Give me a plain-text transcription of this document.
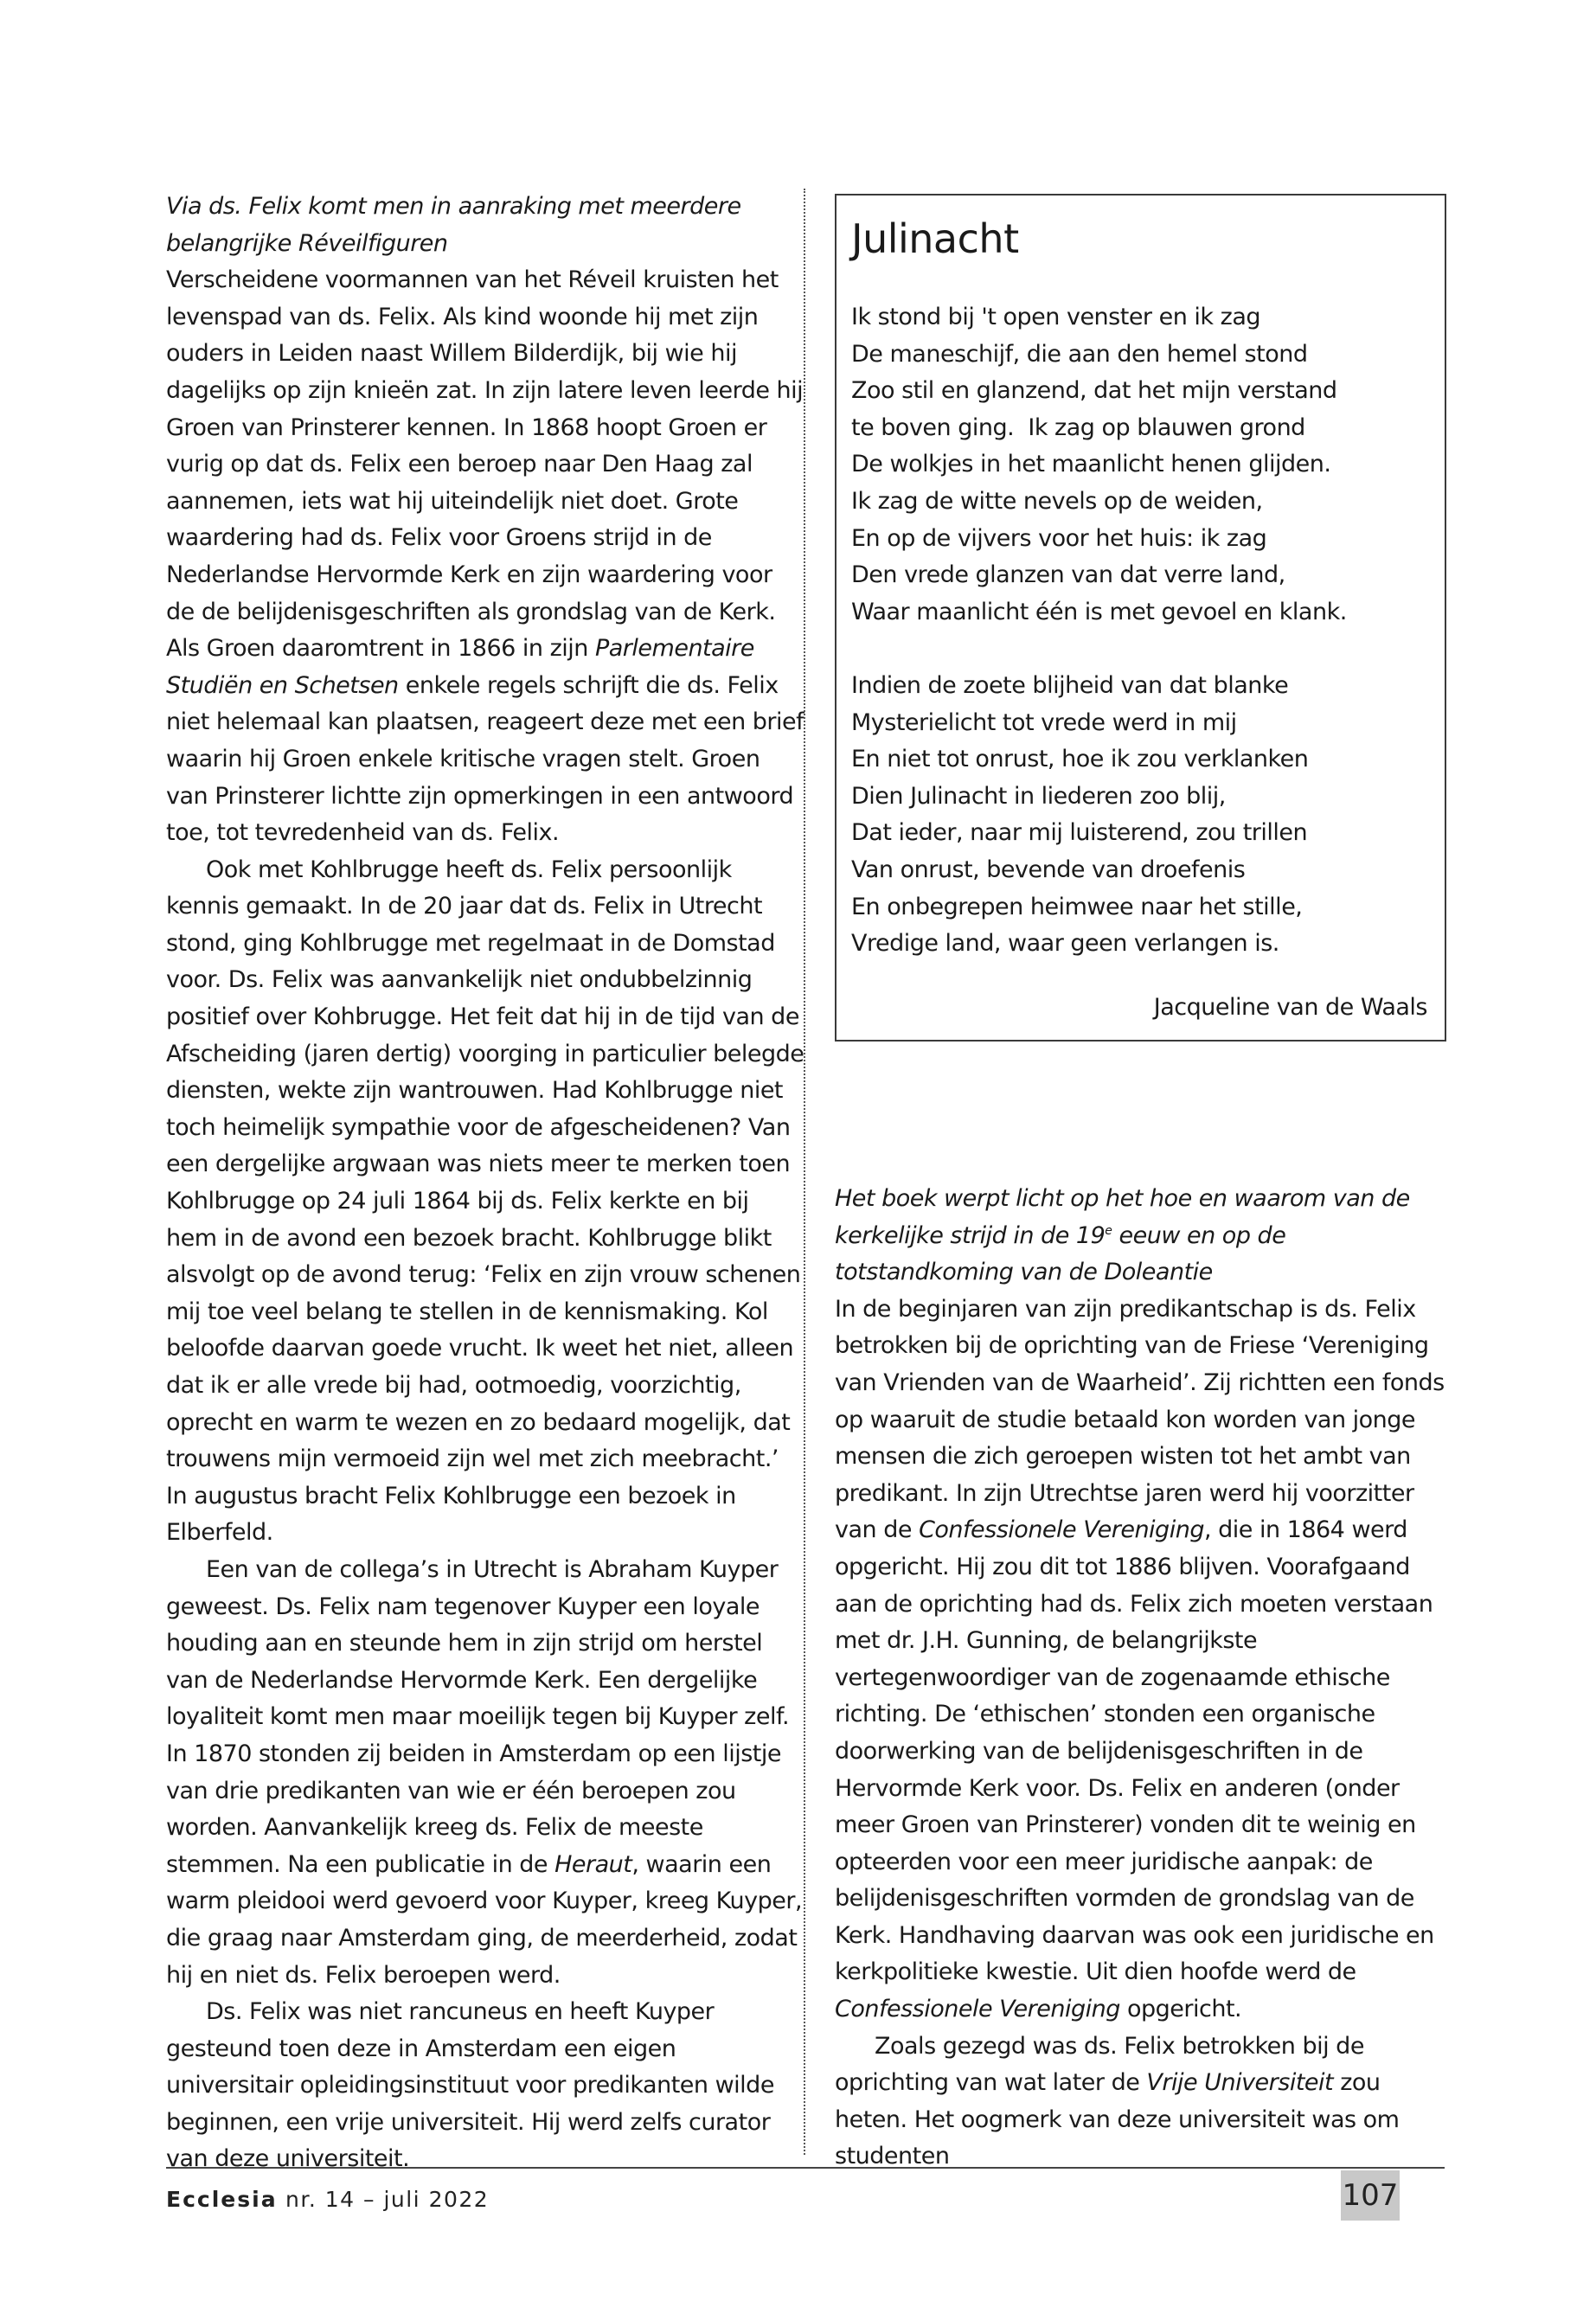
Via ds. Felix komt men in aanraking met meerdere belangrijke Réveilfiguren

Verscheidene voormannen van het Réveil kruisten het levenspad van ds. Felix. Als kind woonde hij met zijn ouders in Leiden naast Willem Bilderdijk, bij wie hij dagelijks op zijn knieën zat. In zijn latere leven leerde hij Groen van Prinsterer kennen. In 1868 hoopt Groen er vurig op dat ds. Felix een beroep naar Den Haag zal aannemen, iets wat hij uiteindelijk niet doet. Grote waardering had ds. Felix voor Groens strijd in de Nederlandse Hervormde Kerk en zijn waardering voor de de belijdenisgeschriften als grondslag van de Kerk. Als Groen daaromtrent in 1866 in zijn Parlementaire Studiën en Schetsen enkele regels schrijft die ds. Felix niet helemaal kan plaatsen, reageert deze met een brief waarin hij Groen enkele kritische vragen stelt. Groen van Prinsterer lichtte zijn opmerkingen in een antwoord toe, tot tevredenheid van ds. Felix.

Ook met Kohlbrugge heeft ds. Felix persoonlijk kennis gemaakt. In de 20 jaar dat ds. Felix in Utrecht stond, ging Kohlbrugge met regelmaat in de Domstad voor. Ds. Felix was aanvankelijk niet ondubbelzinnig positief over Kohbrugge. Het feit dat hij in de tijd van de Afscheiding (jaren dertig) voorging in particulier belegde diensten, wekte zijn wantrouwen. Had Kohlbrugge niet toch heimelijk sympathie voor de afgescheidenen? Van een dergelijke argwaan was niets meer te merken toen Kohlbrugge op 24 juli 1864 bij ds. Felix kerkte en bij hem in de avond een bezoek bracht. Kohlbrugge blikt alsvolgt op de avond terug: ‘Felix en zijn vrouw schenen mij toe veel belang te stellen in de kennismaking. Kol beloofde daarvan goede vrucht. Ik weet het niet, alleen dat ik er alle vrede bij had, ootmoedig, voorzichtig, oprecht en warm te wezen en zo bedaard mogelijk, dat trouwens mijn vermoeid zijn wel met zich meebracht.’ In augustus bracht Felix Kohlbrugge een bezoek in Elberfeld.

Een van de collega’s in Utrecht is Abraham Kuyper geweest. Ds. Felix nam tegenover Kuyper een loyale houding aan en steunde hem in zijn strijd om herstel van de Nederlandse Hervormde Kerk. Een dergelijke loyaliteit komt men maar moeilijk tegen bij Kuyper zelf. In 1870 stonden zij beiden in Amsterdam op een lijstje van drie predikanten van wie er één beroepen zou worden. Aanvankelijk kreeg ds. Felix de meeste stemmen. Na een publicatie in de Heraut, waarin een warm pleidooi werd gevoerd voor Kuyper, kreeg Kuyper, die graag naar Amsterdam ging, de meerderheid, zodat hij en niet ds. Felix beroepen werd.

Ds. Felix was niet rancuneus en heeft Kuyper gesteund toen deze in Amsterdam een eigen universitair opleidingsinstituut voor predikanten wilde beginnen, een vrije universiteit. Hij werd zelfs curator van deze universiteit.

Julinacht
Ik stond bij 't open venster en ik zag
De maneschijf, die aan den hemel stond
Zoo stil en glanzend, dat het mijn verstand
te boven ging.  Ik zag op blauwen grond
De wolkjes in het maanlicht henen glijden.
Ik zag de witte nevels op de weiden,
En op de vijvers voor het huis: ik zag
Den vrede glanzen van dat verre land,
Waar maanlicht één is met gevoel en klank.
Indien de zoete blijheid van dat blanke
Mysterielicht tot vrede werd in mij
En niet tot onrust, hoe ik zou verklanken
Dien Julinacht in liederen zoo blij,
Dat ieder, naar mij luisterend, zou trillen
Van onrust, bevende van droefenis
En onbegrepen heimwee naar het stille,
Vredige land, waar geen verlangen is.
Jacqueline van de Waals

Het boek werpt licht op het hoe en waarom van de kerkelijke strijd in de 19e eeuw en op de totstandkoming van de Doleantie

In de beginjaren van zijn predikantschap is ds. Felix betrokken bij de oprichting van de Friese ‘Vereniging van Vrienden van de Waarheid’. Zij richtten een fonds op waaruit de studie betaald kon worden van jonge mensen die zich geroepen wisten tot het ambt van predikant. In zijn Utrechtse jaren werd hij voorzitter van de Confessionele Vereniging, die in 1864 werd opgericht. Hij zou dit tot 1886 blijven. Voorafgaand aan de oprichting had ds. Felix zich moeten verstaan met dr. J.H. Gunning, de belangrijkste vertegenwoordiger van de zogenaamde ethische richting. De ‘ethischen’ stonden een organische doorwerking van de belijdenisgeschriften in de Hervormde Kerk voor. Ds. Felix en anderen (onder meer Groen van Prinsterer) vonden dit te weinig en opteerden voor een meer juridische aanpak: de belijdenisgeschriften vormden de grondslag van de Kerk. Handhaving daarvan was ook een juridische en kerkpolitieke kwestie. Uit dien hoofde werd de Confessionele Vereniging opgericht.

Zoals gezegd was ds. Felix betrokken bij de oprichting van wat later de Vrije Universiteit zou heten. Het oogmerk van deze universiteit was om studenten

Ecclesia nr. 14 – juli 2022	107
